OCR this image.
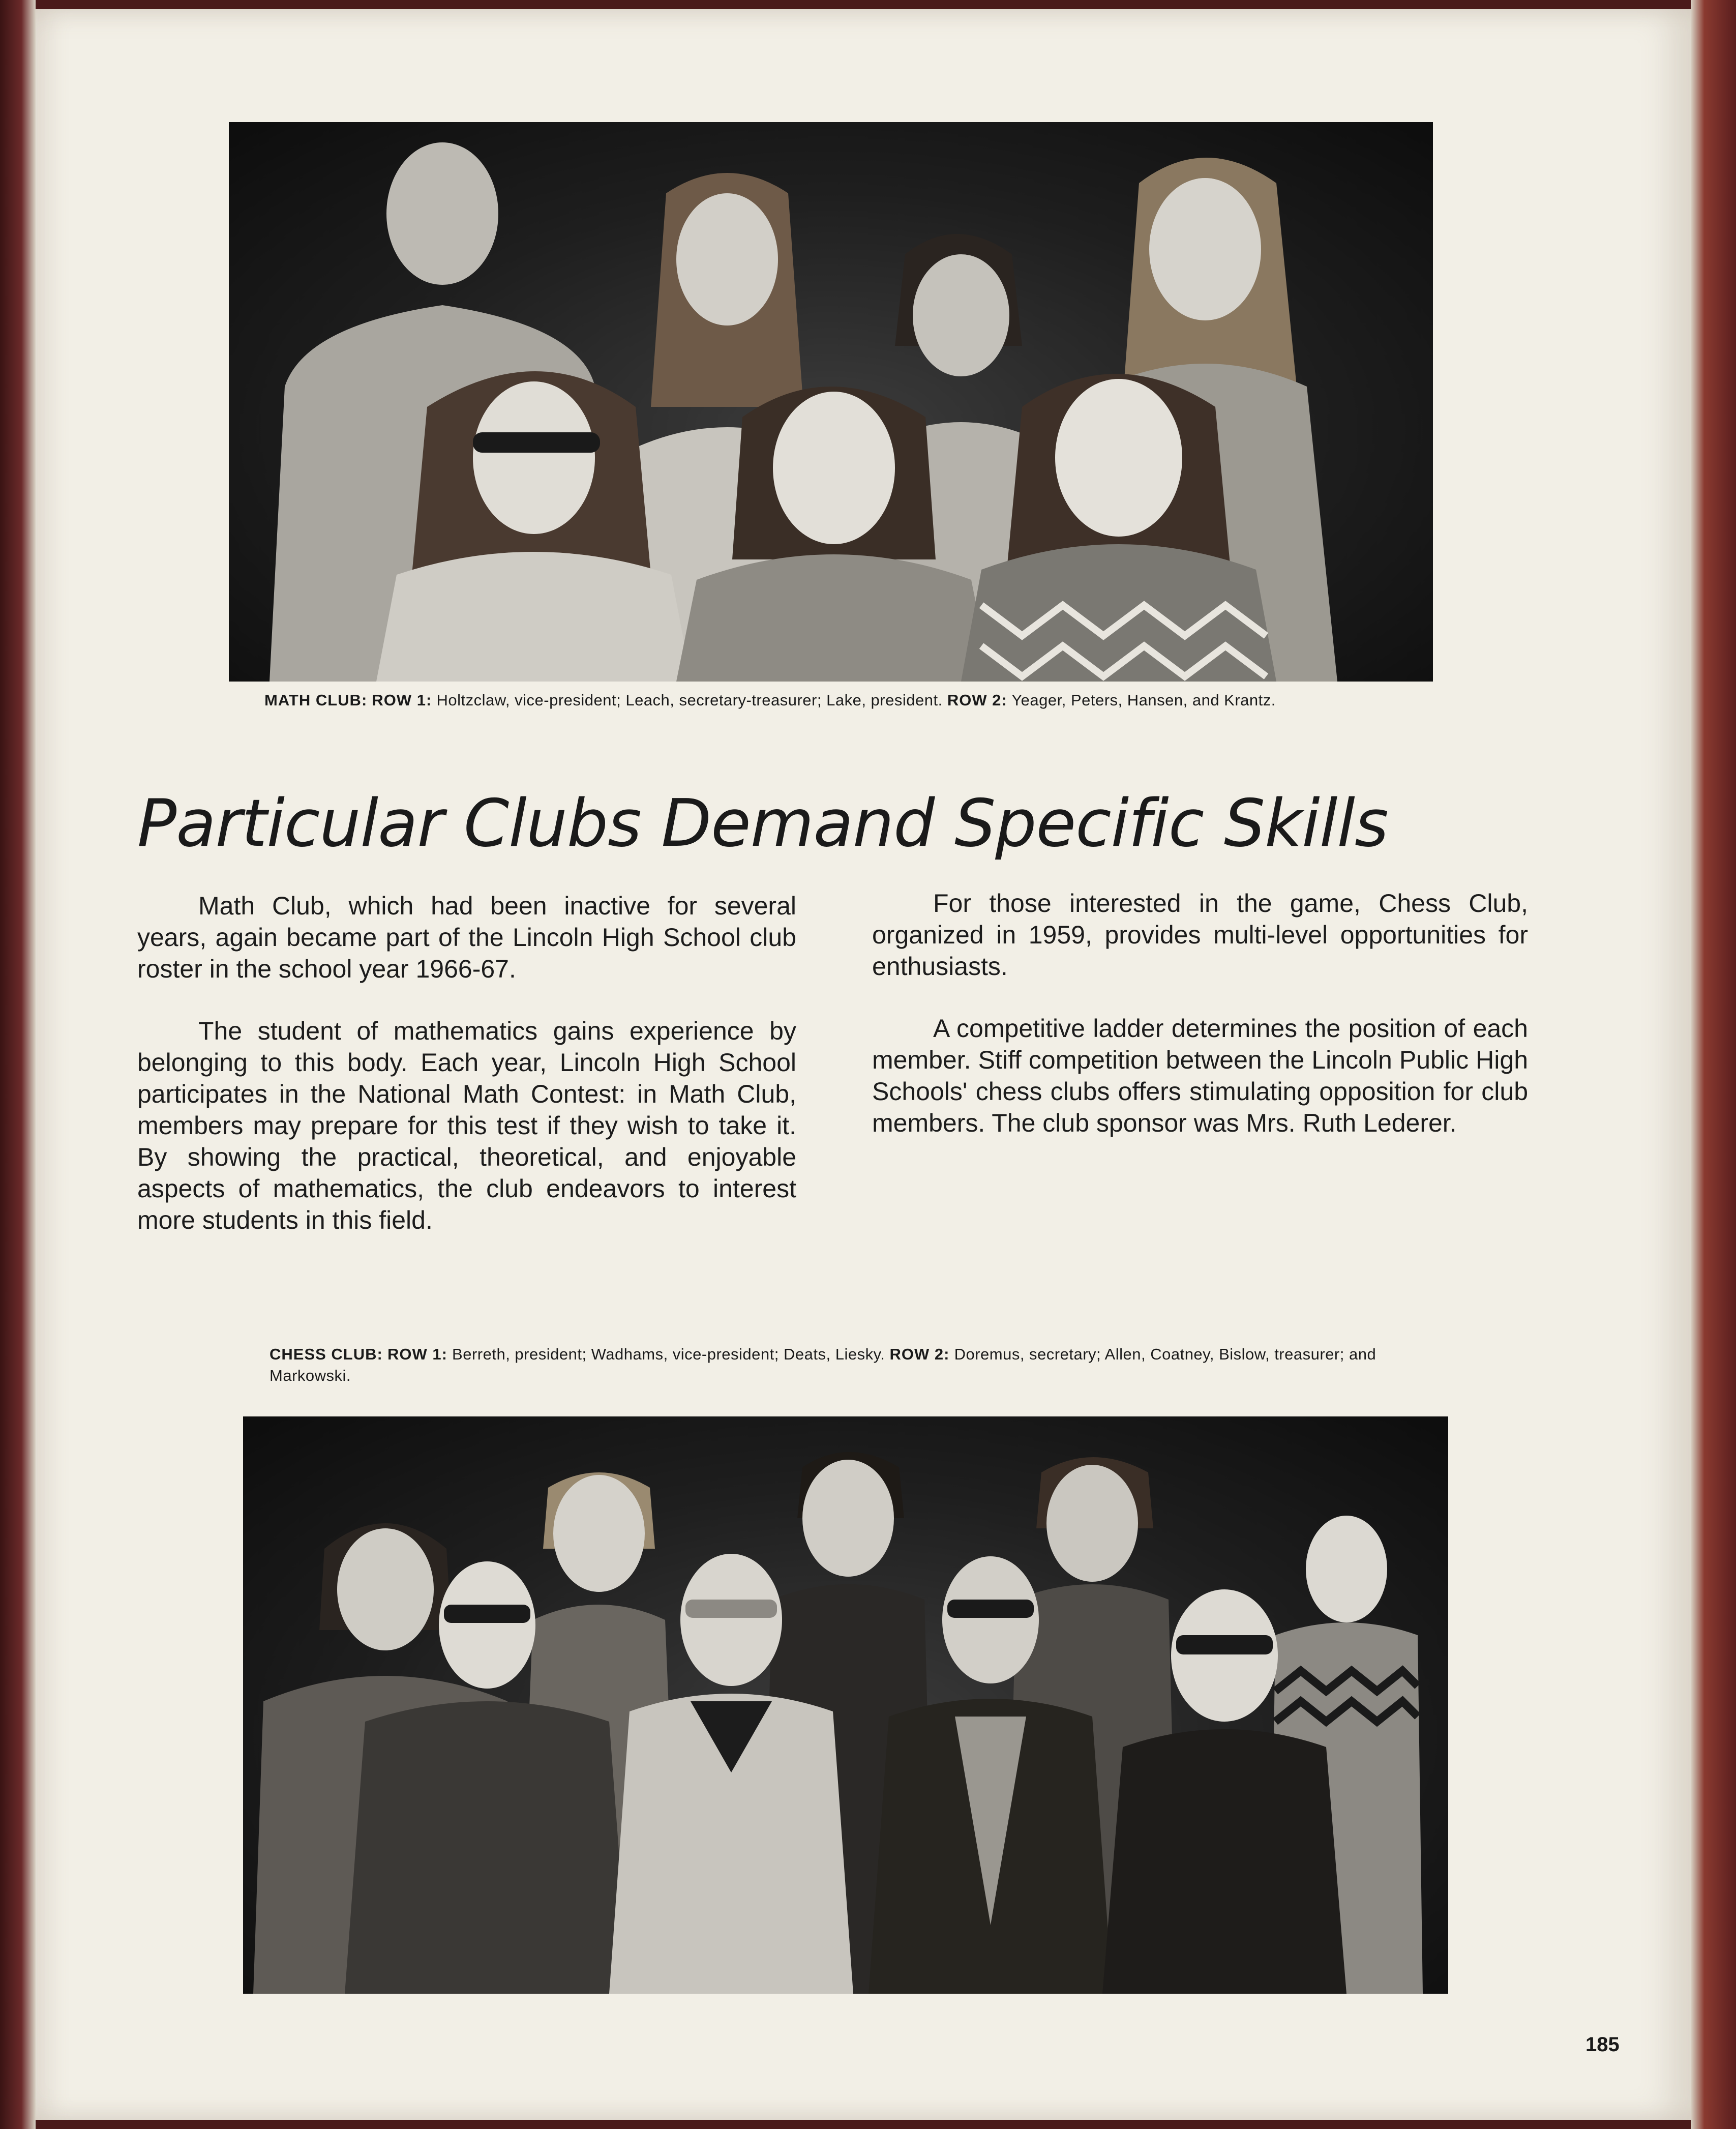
MATH CLUB: ROW 1: Holtzclaw, vice-president; Leach, secretary-treasurer; Lake, president. ROW 2: Yeager, Peters, Hansen, and Krantz.
Particular Clubs Demand Specific Skills

Math Club, which had been inactive for several years, again became part of the Lincoln High School club roster in the school year 1966-67.

The student of mathematics gains experience by belonging to this body. Each year, Lincoln High School participates in the National Math Contest: in Math Club, members may prepare for this test if they wish to take it. By showing the practical, theoretical, and enjoyable aspects of mathematics, the club endeavors to interest more students in this field.

For those interested in the game, Chess Club, organized in 1959, provides multi-level opportunities for enthusiasts.

A competitive ladder determines the position of each member. Stiff competition between the Lincoln Public High Schools' chess clubs offers stimulating opposition for club members. The club sponsor was Mrs. Ruth Lederer.

CHESS CLUB: ROW 1: Berreth, president; Wadhams, vice-president; Deats, Liesky. ROW 2: Doremus, secretary; Allen, Coatney, Bislow, treasurer; and Markowski.
185
